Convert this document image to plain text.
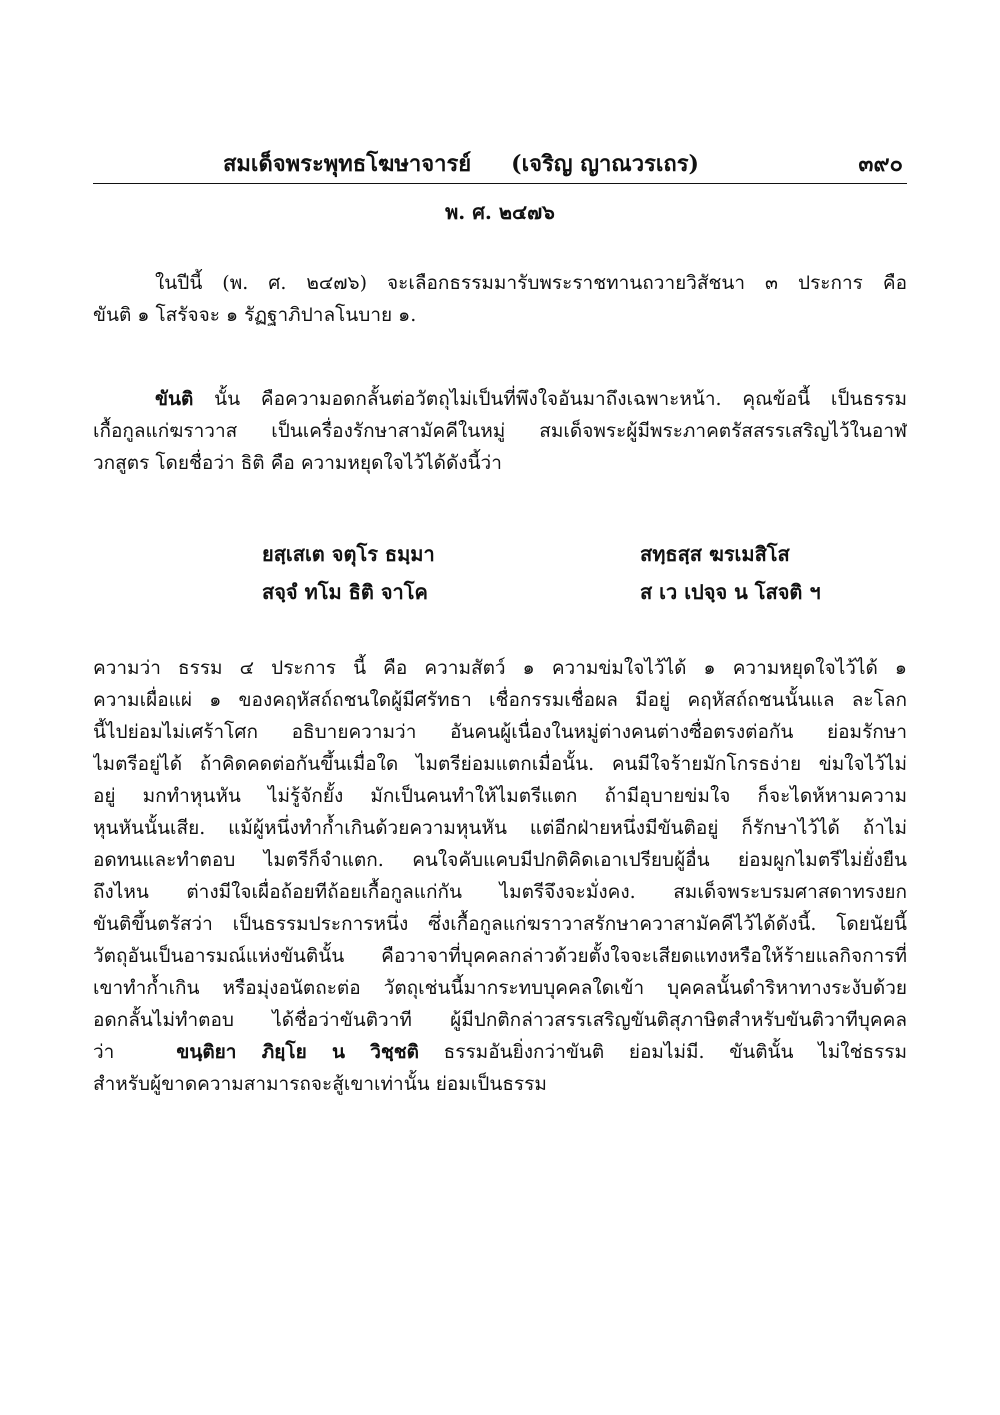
สมเด็จพระพุทธโฆษาจารย์ (เจริญ ญาณวรเถร)	๓๙๐
พ. ศ. ๒๔๗๖
ในปีนี้ (พ. ศ. ๒๔๗๖) จะเลือกธรรมมารับพระราชทานถวายวิสัชนา ๓ ประการ คือ
ขันติ ๑ โสรัจจะ ๑ รัฏฐาภิปาลโนบาย ๑.
ขันติ นั้น คือความอดกลั้นต่อวัตถุไม่เป็นที่พึงใจอันมาถึงเฉพาะหน้า. คุณข้อนี้ เป็นธรรม
เกื้อกูลแก่ฆราวาส เป็นเครื่องรักษาสามัคคีในหมู่ สมเด็จพระผู้มีพระภาคตรัสสรรเสริญไว้ในอาฬ
วกสูตร โดยชื่อว่า ธิติ คือ ความหยุดใจไว้ได้ดังนี้ว่า
ยสฺเสเต จตุโร ธมฺมา	สทฺธสฺส ฆรเมสิโส
สจฺจํ ทโม ธิติ จาโค	ส เว เปจฺจ น โสจติ ฯ
ความว่า ธรรม ๔ ประการ นี้ คือ ความสัตว์ ๑ ความข่มใจไว้ได้ ๑ ความหยุดใจไว้ได้ ๑
ความเผื่อแผ่ ๑ ของคฤหัสถ์ถชนใดผู้มีศรัทธา เชื่อกรรมเชื่อผล มีอยู่ คฤหัสถ์ถชนนั้นแล ละโลก
นี้ไปย่อมไม่เศร้าโศก อธิบายความว่า อันคนผู้เนื่องในหมู่ต่างคนต่างซื่อตรงต่อกัน ย่อมรักษา
ไมตรีอยู่ได้ ถ้าคิดคดต่อกันขึ้นเมื่อใด ไมตรีย่อมแตกเมื่อนั้น. คนมีใจร้ายมักโกรธง่าย ข่มใจไว้ไม่
อยู่ มกทำหุนหัน ไม่รู้จักยั้ง มักเป็นคนทำให้ไมตรีแตก ถ้ามีอุบายข่มใจ ก็จะไดห้หามความ
หุนหันนั้นเสีย. แม้ผู้หนึ่งทำก้ำเกินด้วยความหุนหัน แต่อีกฝ่ายหนึ่งมีขันติอยู่ ก็รักษาไว้ได้ ถ้าไม่
อดทนและทำตอบ ไมตรีก็จำแตก. คนใจคับแคบมีปกติคิดเอาเปรียบผู้อื่น ย่อมผูกไมตรีไม่ยั่งยืน
ถึงไหน ต่างมีใจเผื่อถ้อยทีถ้อยเกื้อกูลแก่กัน ไมตรีจึงจะมั่งคง. สมเด็จพระบรมศาสดาทรงยก
ขันติขึ้นตรัสว่า เป็นธรรมประการหนึ่ง ซึ่งเกื้อกูลแก่ฆราวาสรักษาควาสามัคคีไว้ได้ดังนี้. โดยนัยนี้
วัตถุอันเป็นอารมณ์แห่งขันตินั้น คือวาจาที่บุคคลกล่าวด้วยตั้งใจจะเสียดแทงหรือให้ร้ายแลกิจการที่
เขาทำก้ำเกิน หรือมุ่งอนัตถะต่อ วัตถุเช่นนี้มากระทบบุคคลใดเข้า บุคคลนั้นดำริหาทางระงับด้วย
อดกลั้นไม่ทำตอบ ได้ชื่อว่าขันติวาที ผู้มีปกติกล่าวสรรเสริญขันติสุภาษิตสำหรับขันติวาทีบุคคล
ว่า	ขนฺติยา ภิยฺโย น วิชฺชติ ธรรมอันยิ่งกว่าขันติ ย่อมไม่มี. ขันตินั้น ไม่ใช่ธรรม
สำหรับผู้ขาดความสามารถจะสู้เขาเท่านั้น ย่อมเป็นธรรม
